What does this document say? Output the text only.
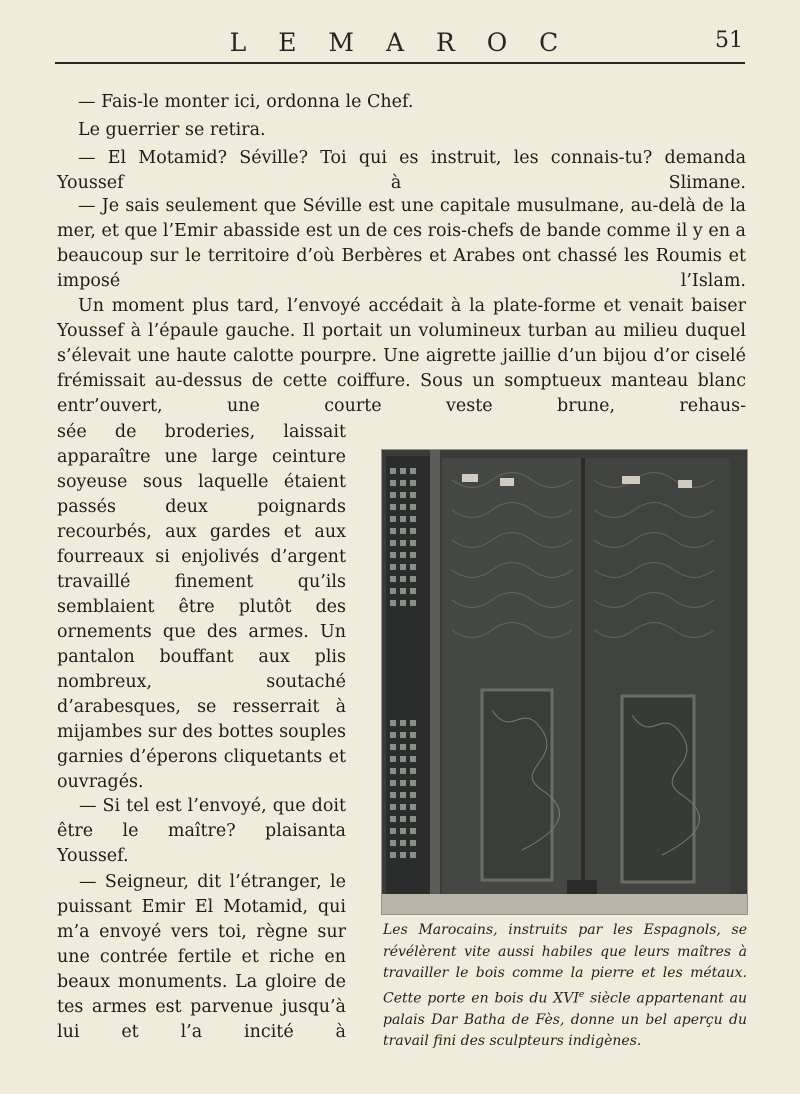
L E M A R O C	51

— Fais-le monter ici, ordonna le Chef.

Le guerrier se retira.

— El Motamid? Séville? Toi qui es instruit, les connais-tu? demanda Youssef à Slimane.

— Je sais seulement que Séville est une capitale musulmane, au-delà de la mer, et que l’Emir abasside est un de ces rois-chefs de bande comme il y en a beaucoup sur le territoire d’où Berbères et Arabes ont chassé les Roumis et imposé l’Islam.

Un moment plus tard, l’envoyé accédait à la plate-forme et venait baiser Youssef à l’épaule gauche. Il portait un volumineux turban au milieu duquel s’élevait une haute calotte pourpre. Une aigrette jaillie d’un bijou d’or ciselé frémissait au-dessus de cette coiffure. Sous un somptueux manteau blanc entr’ouvert, une courte veste brune, rehaus-

sée de broderies, laissait apparaître une large ceinture soyeuse sous laquelle étaient passés deux poignards recourbés, aux gardes et aux fourreaux si enjolivés d’argent travaillé finement qu’ils semblaient être plutôt des ornements que des armes. Un pantalon bouffant aux plis nombreux, soutaché d’arabesques, se resserrait à mijambes sur des bottes souples garnies d’éperons cliquetants et ouvragés.

— Si tel est l’envoyé, que doit être le maître? plaisanta Youssef.

— Seigneur, dit l’étranger, le puissant Emir El Motamid, qui m’a envoyé vers toi, règne sur une contrée fertile et riche en beaux monuments. La gloire de tes armes est parvenue jusqu’à lui et l’a incité à

Les Marocains, instruits par les Espagnols, se révélèrent vite aussi habiles que leurs maîtres à travailler le bois comme la pierre et les métaux. Cette porte en bois du XVIe siècle appartenant au palais Dar Batha de Fès, donne un bel aperçu du travail fini des sculpteurs indigènes.
